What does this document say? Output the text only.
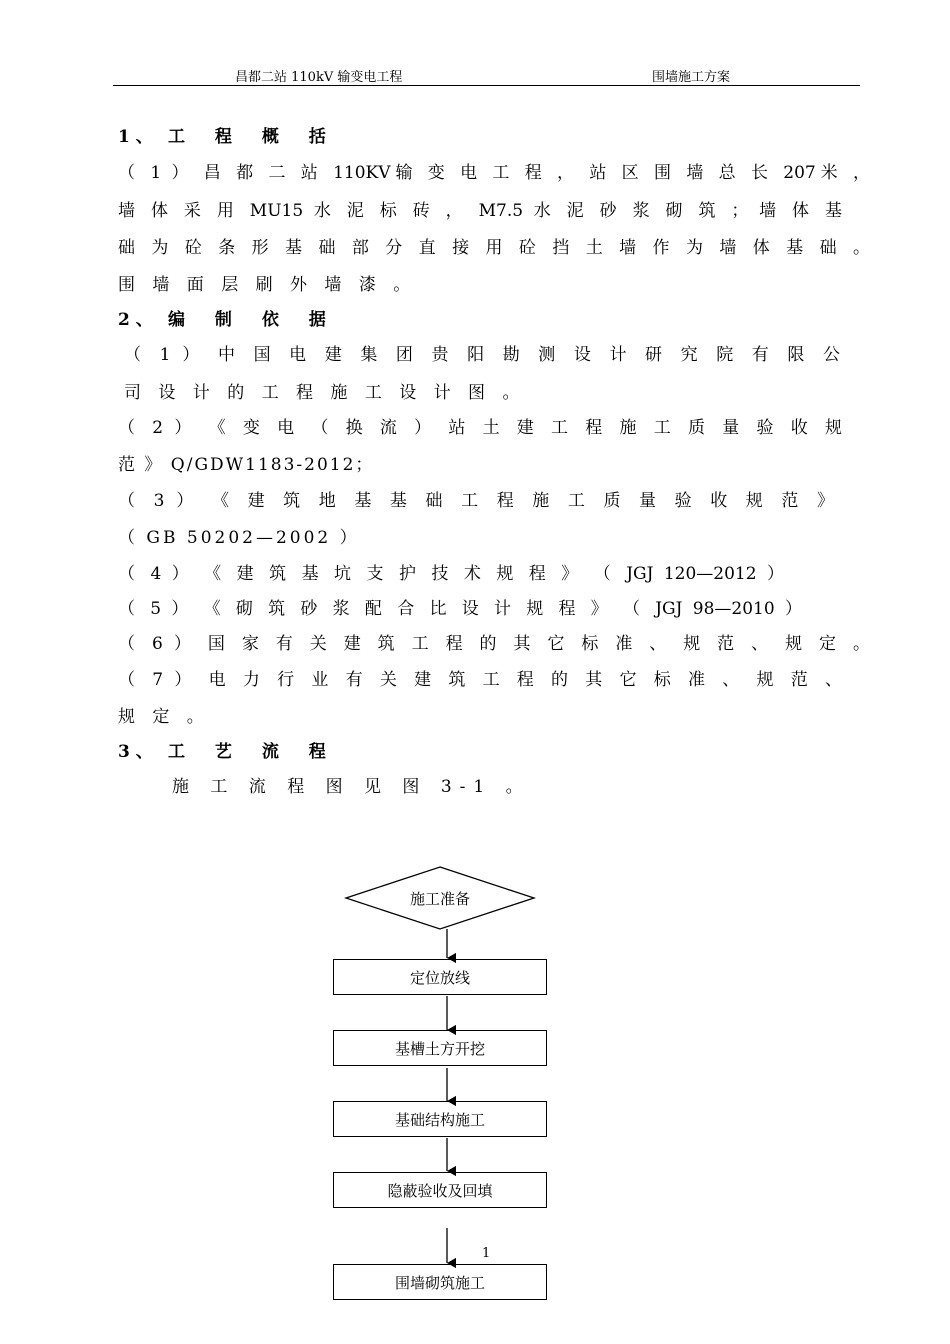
昌都二站 110kV 输变电工程	围墙施工方案
1 、 工 程 概 括
（ 1 ） 昌 都 二 站 110KV输 变 电 工 程 ， 站 区 围 墙 总 长 207米 ，
墙 体 采 用 MU15 水 泥 标 砖 ， M7.5 水 泥 砂 浆 砌 筑 ； 墙 体 基
础 为 砼 条 形 基 础 部 分 直 接 用 砼 挡 土 墙 作 为 墙 体 基 础 。
围 墙 面 层 刷 外 墙 漆 。
2 、 编 制 依 据
（ 1 ） 中 国 电 建 集 团 贵 阳 勘 测 设 计 研 究 院 有 限 公
司 设 计 的 工 程 施 工 设 计 图 。
（ 2 ） 《 变 电 （ 换 流 ） 站 土 建 工 程 施 工 质 量 验 收 规
范 》 Q/GDW1183-2012；
（ 3 ） 《 建 筑 地 基 基 础 工 程 施 工 质 量 验 收 规 范 》
（ GB 50202—2002 ）
（ 4 ） 《 建 筑 基 坑 支 护 技 术 规 程 》 （ JGJ 120—2012 ）
（ 5 ） 《 砌 筑 砂 浆 配 合 比 设 计 规 程 》 （ JGJ 98—2010 ）
（ 6 ） 国 家 有 关 建 筑 工 程 的 其 它 标 准 、 规 范 、 规 定 。
（ 7 ） 电 力 行 业 有 关 建 筑 工 程 的 其 它 标 准 、 规 范 、
规 定 。
3 、 工 艺 流 程
施 工 流 程 图 见 图 3-1 。
施工准备
定位放线
基槽土方开挖
基础结构施工
隐蔽验收及回填
1
围墙砌筑施工
